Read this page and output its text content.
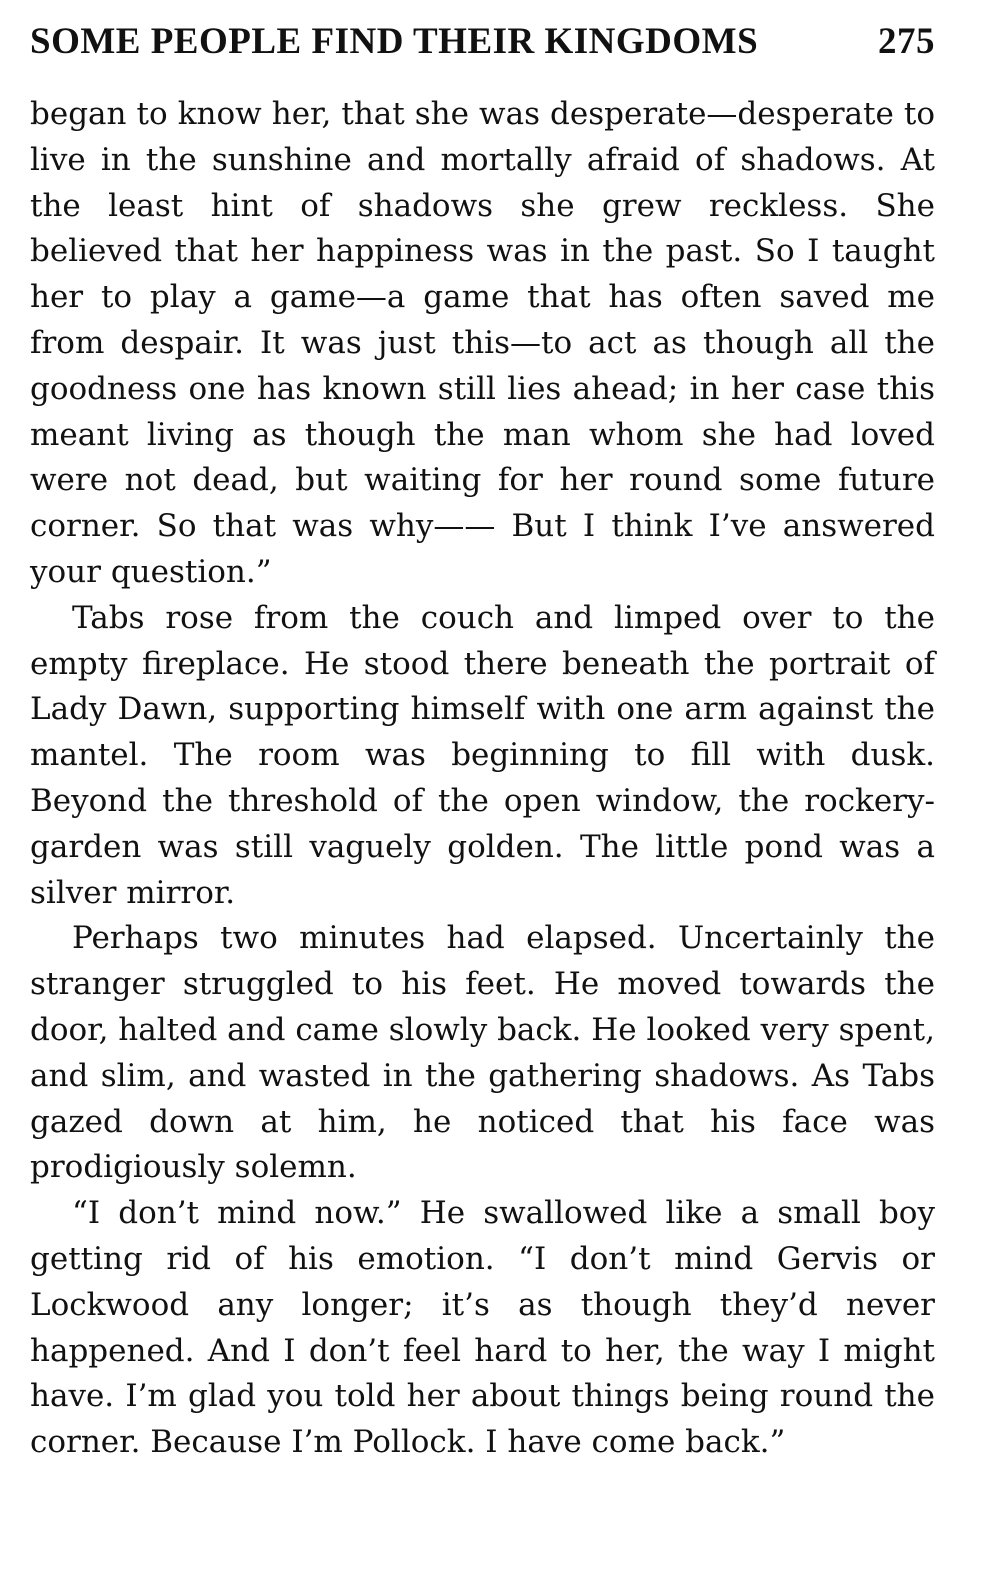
SOME PEOPLE FIND THEIR KINGDOMS	275

began to know her, that she was desperate—desperate to live in the sunshine and mortally afraid of shadows. At the least hint of shadows she grew reckless. She believed that her happiness was in the past. So I taught her to play a game—a game that has often saved me from despair. It was just this—to act as though all the goodness one has known still lies ahead; in her case this meant living as though the man whom she had loved were not dead, but waiting for her round some future corner. So that was why—— But I think I’ve answered your question.”

Tabs rose from the couch and limped over to the empty fireplace. He stood there beneath the portrait of Lady Dawn, supporting himself with one arm against the mantel. The room was beginning to fill with dusk. Beyond the threshold of the open window, the rockery-garden was still vaguely golden. The little pond was a silver mirror.

Perhaps two minutes had elapsed. Uncertainly the stranger struggled to his feet. He moved towards the door, halted and came slowly back. He looked very spent, and slim, and wasted in the gathering shadows. As Tabs gazed down at him, he noticed that his face was prodigiously solemn.

“I don’t mind now.” He swallowed like a small boy getting rid of his emotion. “I don’t mind Gervis or Lockwood any longer; it’s as though they’d never happened. And I don’t feel hard to her, the way I might have. I’m glad you told her about things being round the corner. Because I’m Pollock. I have come back.”
